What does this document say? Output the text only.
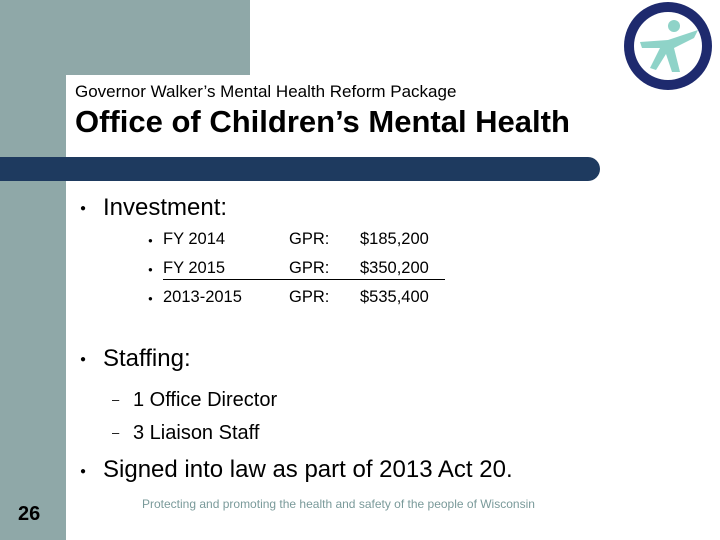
Governor Walker’s Mental Health Reform Package
Office of Children’s Mental Health
● Investment:
● FY 2014	GPR: $185,200
● FY 2015	GPR: $350,200
● 2013-2015	GPR: $535,400
● Staffing:
– 1 Office Director
– 3 Liaison Staff
● Signed into law as part of 2013 Act 20.
26	Protecting and promoting the health and safety of the people of Wisconsin
